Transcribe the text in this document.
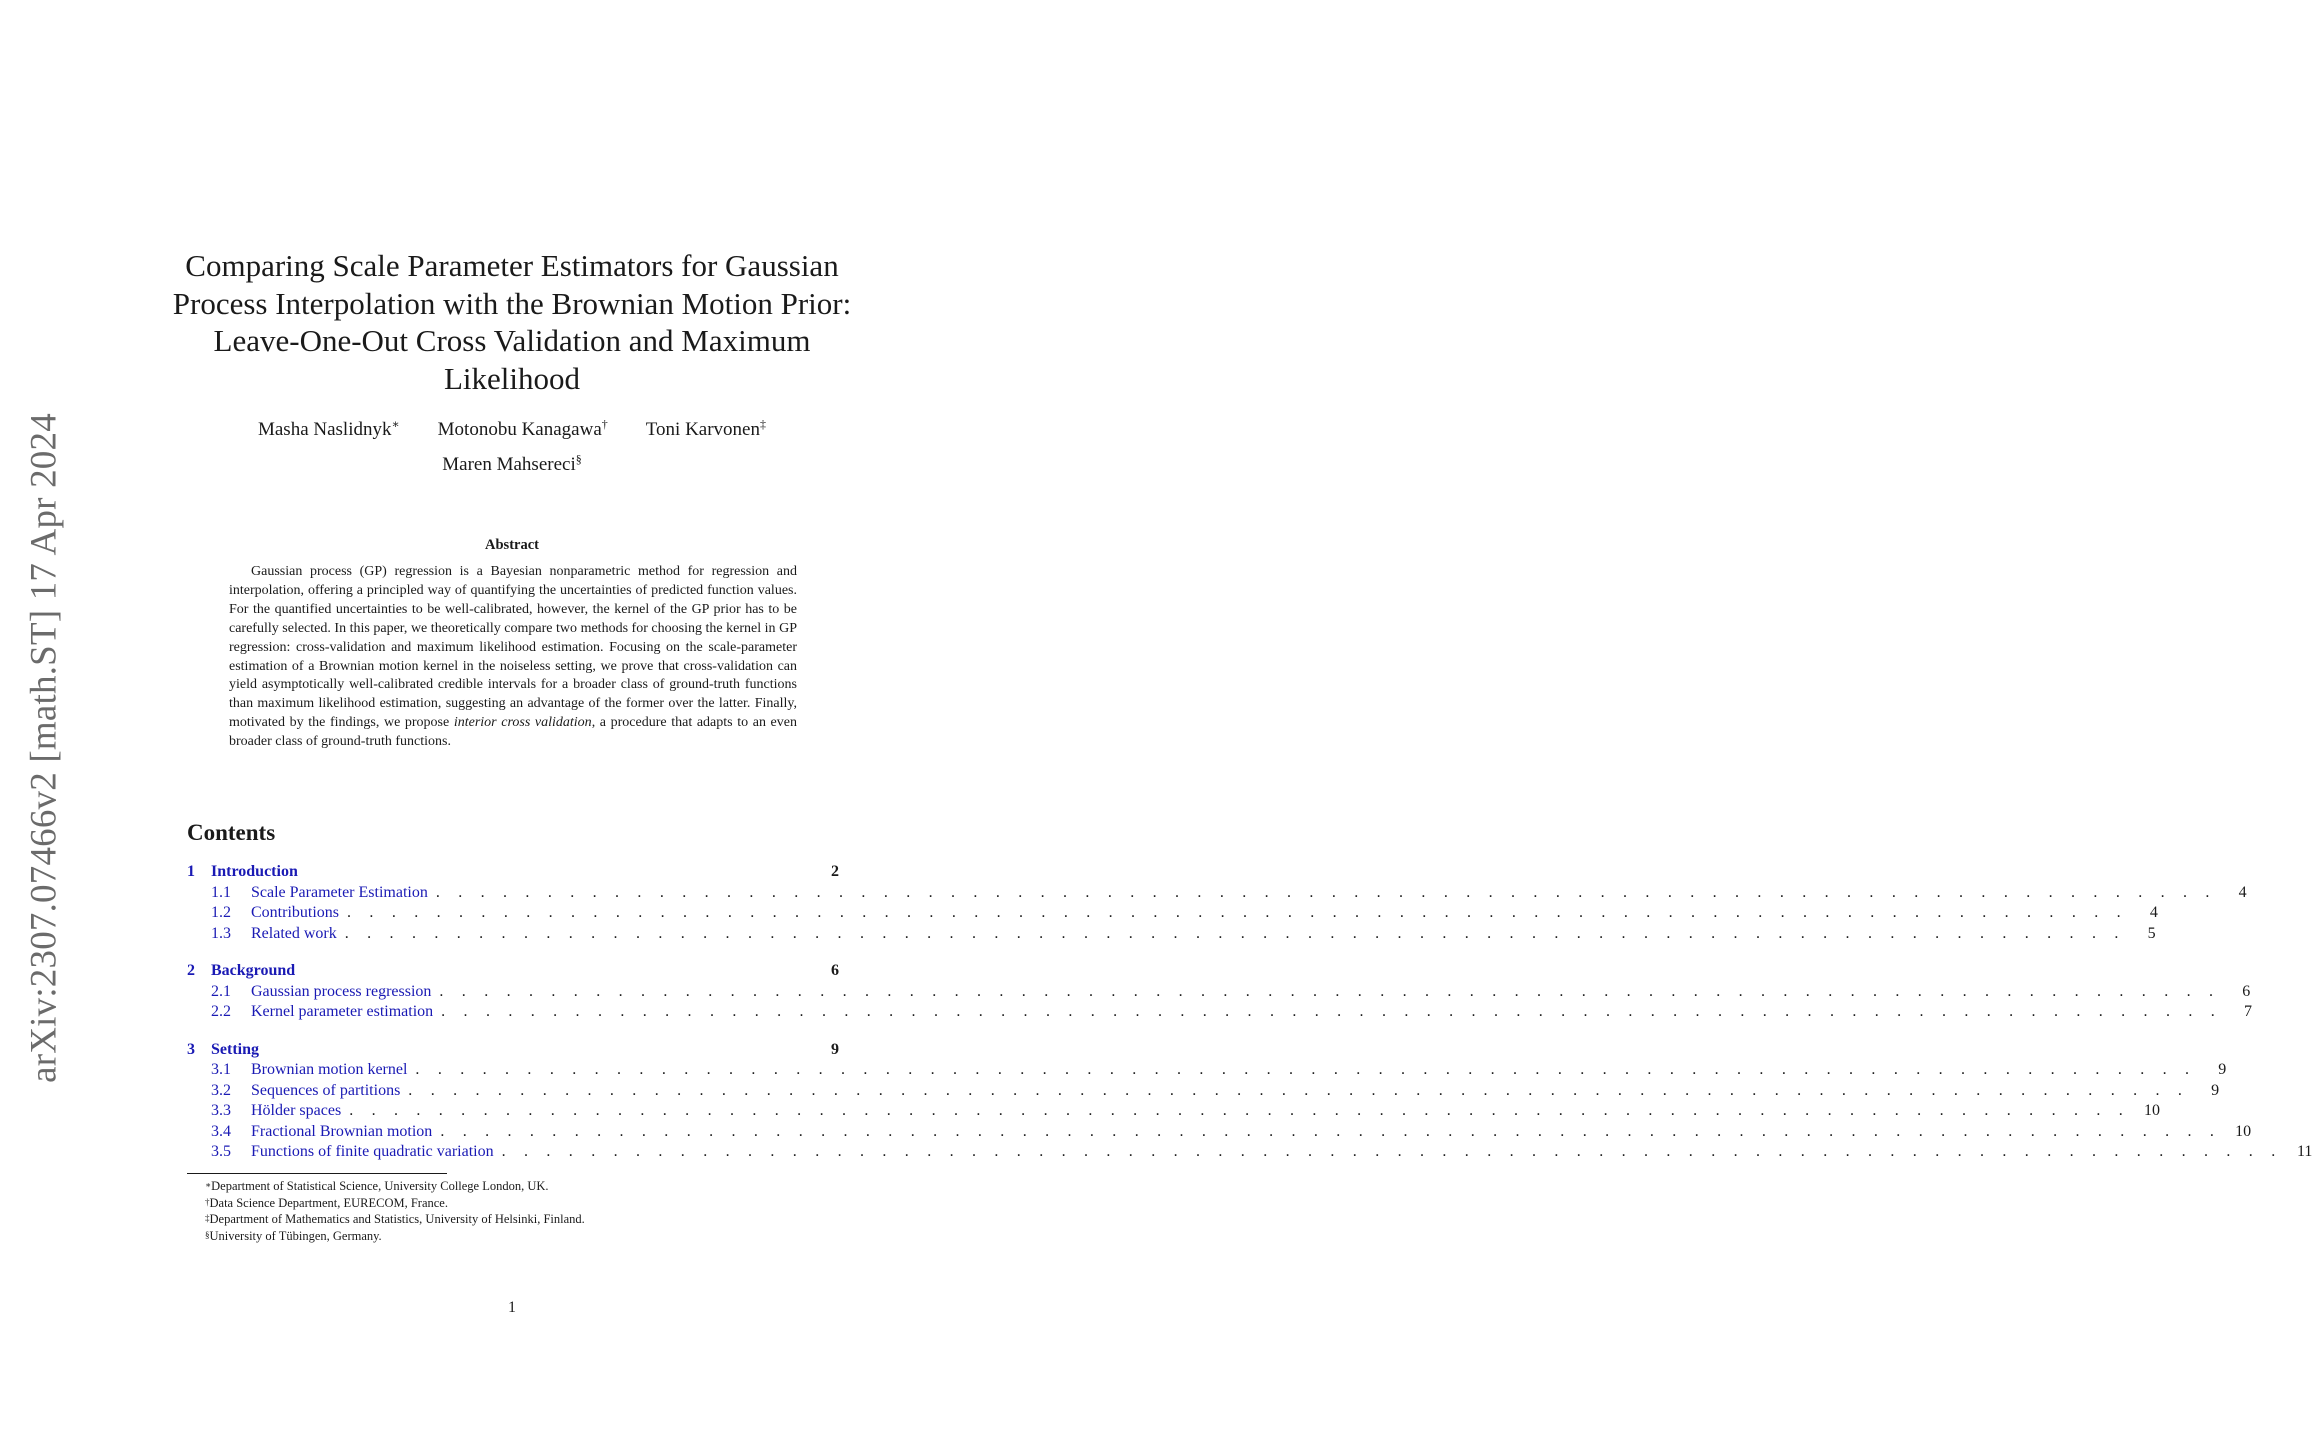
arXiv:2307.07466v2 [math.ST] 17 Apr 2024
Comparing Scale Parameter Estimators for Gaussian
Process Interpolation with the Brownian Motion Prior:
Leave-One-Out Cross Validation and Maximum
Likelihood
Masha Naslidnyk∗ Motonobu Kanagawa† Toni Karvonen‡
Maren Mahsereci§
Abstract

Gaussian process (GP) regression is a Bayesian nonparametric method for regression and interpolation, offering a principled way of quantifying the uncertainties of predicted function values. For the quantified uncertainties to be well-calibrated, however, the kernel of the GP prior has to be carefully selected. In this paper, we theoretically compare two methods for choosing the kernel in GP regression: cross-validation and maximum likelihood estimation. Focusing on the scale-parameter estimation of a Brownian motion kernel in the noiseless setting, we prove that cross-validation can yield asymptotically well-calibrated credible intervals for a broader class of ground-truth functions than maximum likelihood estimation, suggesting an advantage of the former over the latter. Finally, motivated by the findings, we propose interior cross validation, a procedure that adapts to an even broader class of ground-truth functions.

Contents
1	Introduction	2
1.1	Scale Parameter Estimation . . . . . . . . . . . . . . . . . . . . . . . . . . . . . . . . . . . . . . . . . . . . . . . . . . . . . . . . . . . . . . . . . . . . . . . . . . . . . . . .	4
1.2	Contributions . . . . . . . . . . . . . . . . . . . . . . . . . . . . . . . . . . . . . . . . . . . . . . . . . . . . . . . . . . . . . . . . . . . . . . . . . . . . . . . .	4
1.3	Related work . . . . . . . . . . . . . . . . . . . . . . . . . . . . . . . . . . . . . . . . . . . . . . . . . . . . . . . . . . . . . . . . . . . . . . . . . . . . . . . .	5
2	Background	6
2.1	Gaussian process regression . . . . . . . . . . . . . . . . . . . . . . . . . . . . . . . . . . . . . . . . . . . . . . . . . . . . . . . . . . . . . . . . . . . . . . . . . . . . . . . .	6
2.2	Kernel parameter estimation . . . . . . . . . . . . . . . . . . . . . . . . . . . . . . . . . . . . . . . . . . . . . . . . . . . . . . . . . . . . . . . . . . . . . . . . . . . . . . . .	7
3	Setting	9
3.1	Brownian motion kernel . . . . . . . . . . . . . . . . . . . . . . . . . . . . . . . . . . . . . . . . . . . . . . . . . . . . . . . . . . . . . . . . . . . . . . . . . . . . . . . .	9
3.2	Sequences of partitions . . . . . . . . . . . . . . . . . . . . . . . . . . . . . . . . . . . . . . . . . . . . . . . . . . . . . . . . . . . . . . . . . . . . . . . . . . . . . . . .	9
3.3	Hölder spaces . . . . . . . . . . . . . . . . . . . . . . . . . . . . . . . . . . . . . . . . . . . . . . . . . . . . . . . . . . . . . . . . . . . . . . . . . . . . . . . . 10
3.4	Fractional Brownian motion . . . . . . . . . . . . . . . . . . . . . . . . . . . . . . . . . . . . . . . . . . . . . . . . . . . . . . . . . . . . . . . . . . . . . . . . . . . . . . . . 10
3.5	Functions of finite quadratic variation . . . . . . . . . . . . . . . . . . . . . . . . . . . . . . . . . . . . . . . . . . . . . . . . . . . . . . . . . . . . . . . . . . . . . . . . . . . . . . . . 11
∗Department of Statistical Science, University College London, UK.
†Data Science Department, EURECOM, France.
‡Department of Mathematics and Statistics, University of Helsinki, Finland.
§University of Tübingen, Germany.
1
